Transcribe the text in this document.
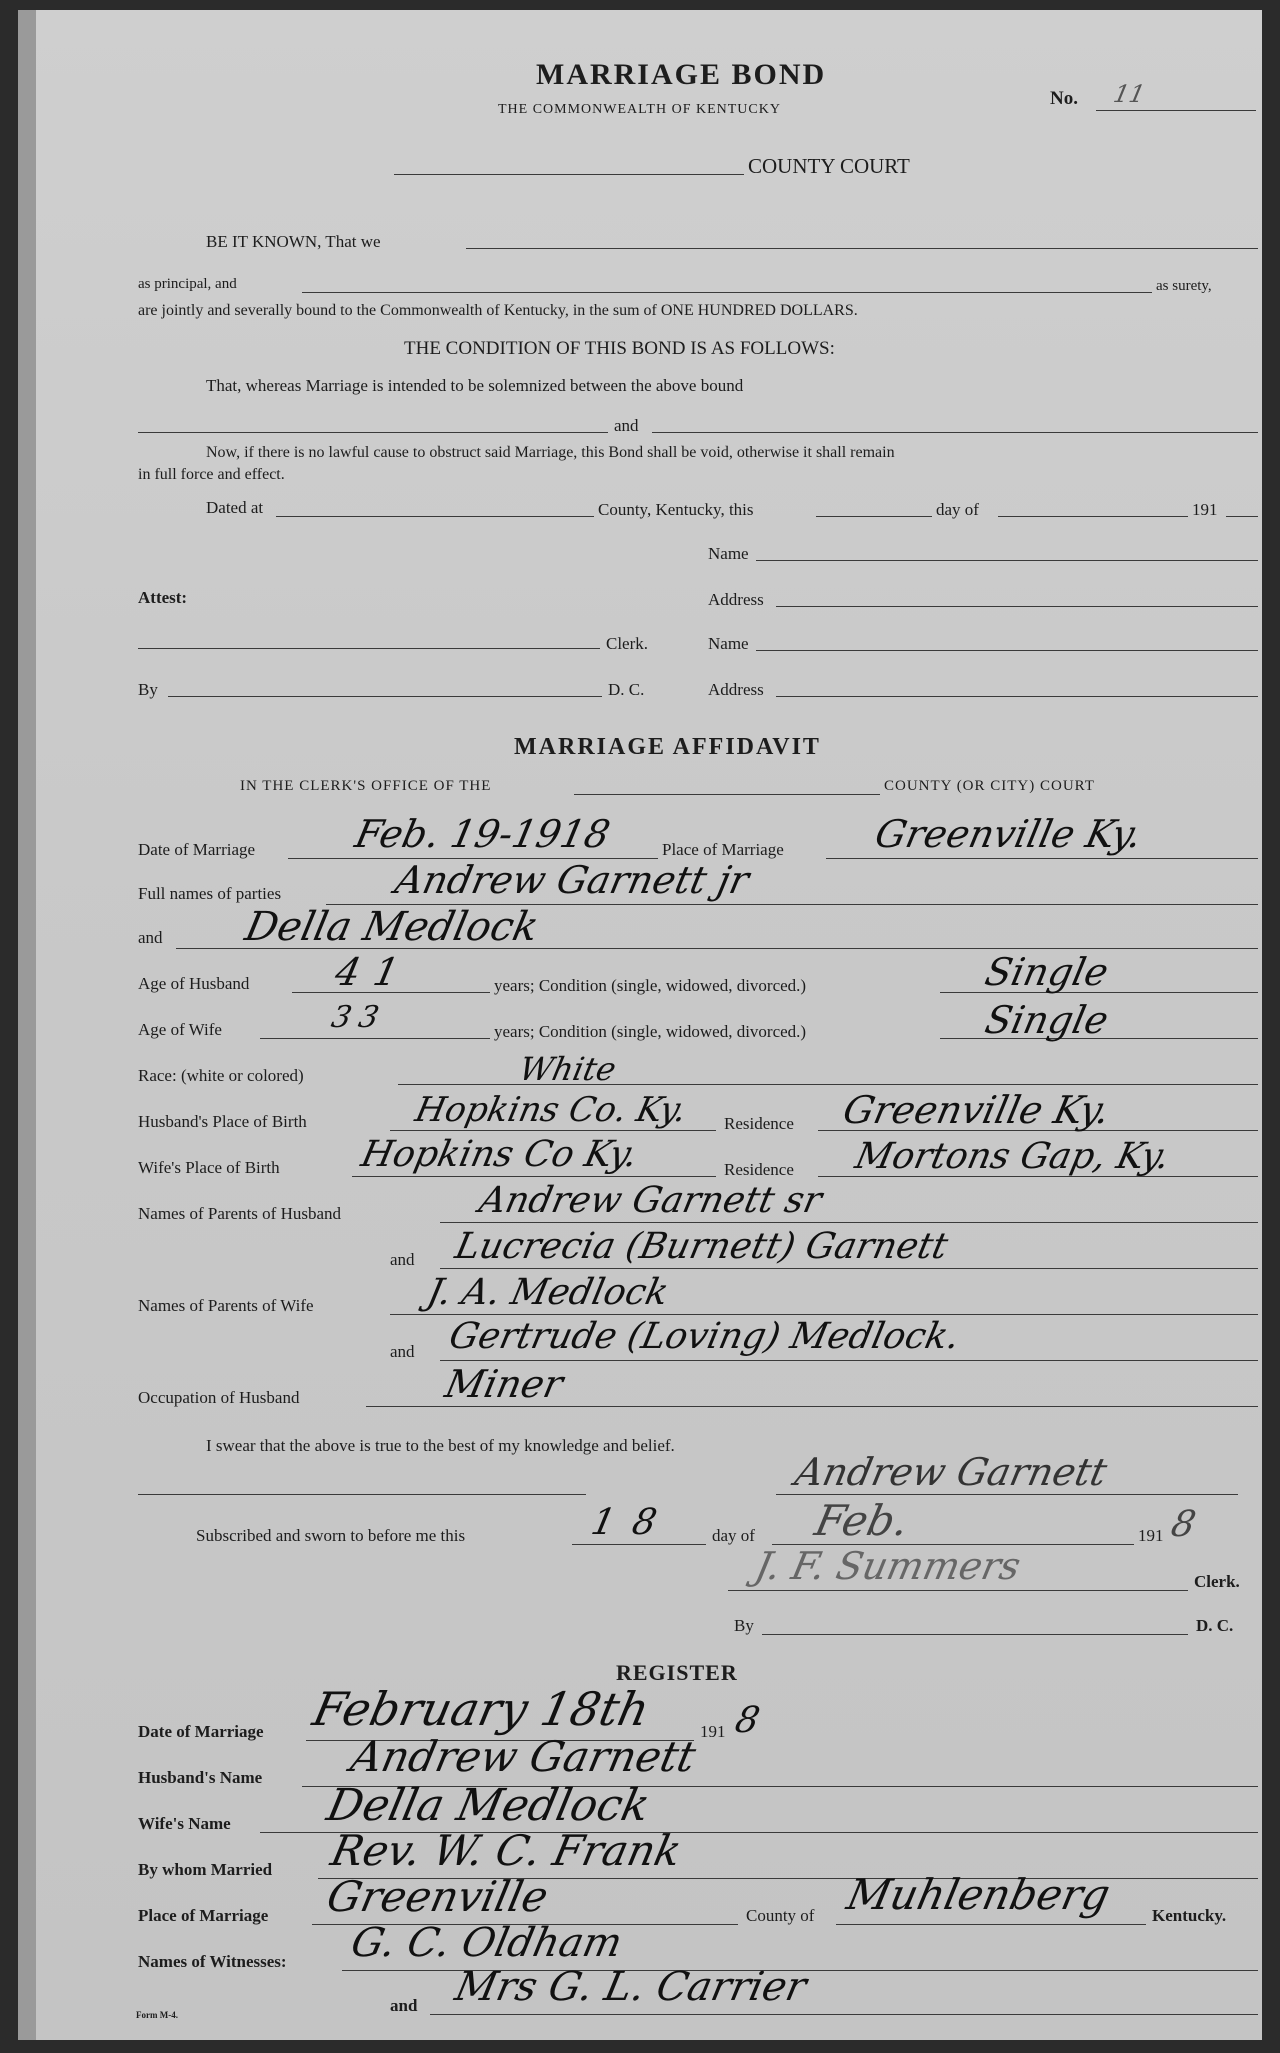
MARRIAGE BOND
THE COMMONWEALTH OF KENTUCKY
No. 11
COUNTY COURT
BE IT KNOWN, That we
as principal, and	as surety,
are jointly and severally bound to the Commonwealth of Kentucky, in the sum of ONE HUNDRED DOLLARS.
THE CONDITION OF THIS BOND IS AS FOLLOWS:
That, whereas Marriage is intended to be solemnized between the above bound
and
Now, if there is no lawful cause to obstruct said Marriage, this Bond shall be void, otherwise it shall remain
in full force and effect.
Dated at	County, Kentucky, this	day of	191
Name
Attest:	Address
Clerk.	Name
By	D. C.	Address
MARRIAGE AFFIDAVIT
IN THE CLERK'S OFFICE OF THE	COUNTY (OR CITY) COURT
Date of Marriage	Feb. 19-1918	Place of Marriage Greenville Ky.
Full names of parties	Andrew Garnett jr
and Della Medlock
Age of Husband 41	years; Condition (single, widowed, divorced.)	Single
Age of Wife	33	years; Condition (single, widowed, divorced.)	Single
Race: (white or colored)	White
Husband's Place of Birth	Hopkins Co. Ky. Residence Greenville Ky.
Wife's Place of Birth Hopkins Co Ky.	Residence Mortons Gap, Ky.
Names of Parents of Husband	Andrew Garnett sr
and Lucrecia (Burnett) Garnett
Names of Parents of Wife	J. A. Medlock
and Gertrude (Loving) Medlock.
Occupation of Husband	Miner
I swear that the above is true to the best of my knowledge and belief.
Andrew Garnett
Subscribed and sworn to before me this	18 day of Feb.	191 8
J. F. Summers	Clerk.
By	D. C.
REGISTER
Date of Marriage February 18th	191 8
Husband's Name Andrew Garnett
Wife's Name Della Medlock
By whom Married Rev. W. C. Frank
Place of Marriage Greenville	County of Muhlenberg Kentucky.
Names of Witnesses: G. C. Oldham
and Mrs G. L. Carrier
Form M-4.
